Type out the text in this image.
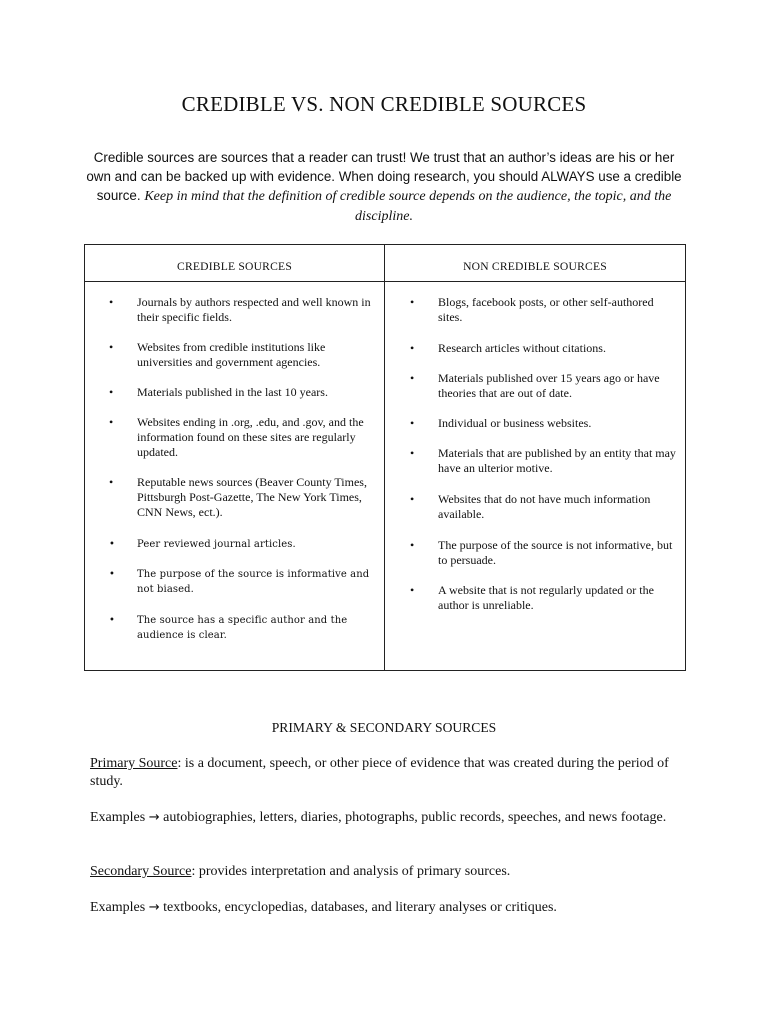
CREDIBLE VS. NON CREDIBLE SOURCES
Credible sources are sources that a reader can trust! We trust that an author’s ideas are his or her own and can be backed up with evidence. When doing research, you should ALWAYS use a credible source. Keep in mind that the definition of credible source depends on the audience, the topic, and the discipline.
CREDIBLE SOURCES	NON CREDIBLE SOURCES
• Journals by authors respected and well known in their specific fields.
• Websites from credible institutions like universities and government agencies.
• Materials published in the last 10 years.
• Websites ending in .org, .edu, and .gov, and the information found on these sites are regularly updated.
• Reputable news sources (Beaver County Times, Pittsburgh Post-Gazette, The New York Times, CNN News, ect.).
• Peer reviewed journal articles.
• The purpose of the source is informative and not biased.
• The source has a specific author and the audience is clear.
• Blogs, facebook posts, or other self-authored sites.
• Research articles without citations.
• Materials published over 15 years ago or have theories that are out of date.
• Individual or business websites.
• Materials that are published by an entity that may have an ulterior motive.
• Websites that do not have much information available.
• The purpose of the source is not informative, but to persuade.
• A website that is not regularly updated or the author is unreliable.
PRIMARY & SECONDARY SOURCES
Primary Source: is a document, speech, or other piece of evidence that was created during the period of study.
Examples → autobiographies, letters, diaries, photographs, public records, speeches, and news footage.
Secondary Source: provides interpretation and analysis of primary sources.
Examples → textbooks, encyclopedias, databases, and literary analyses or critiques.
